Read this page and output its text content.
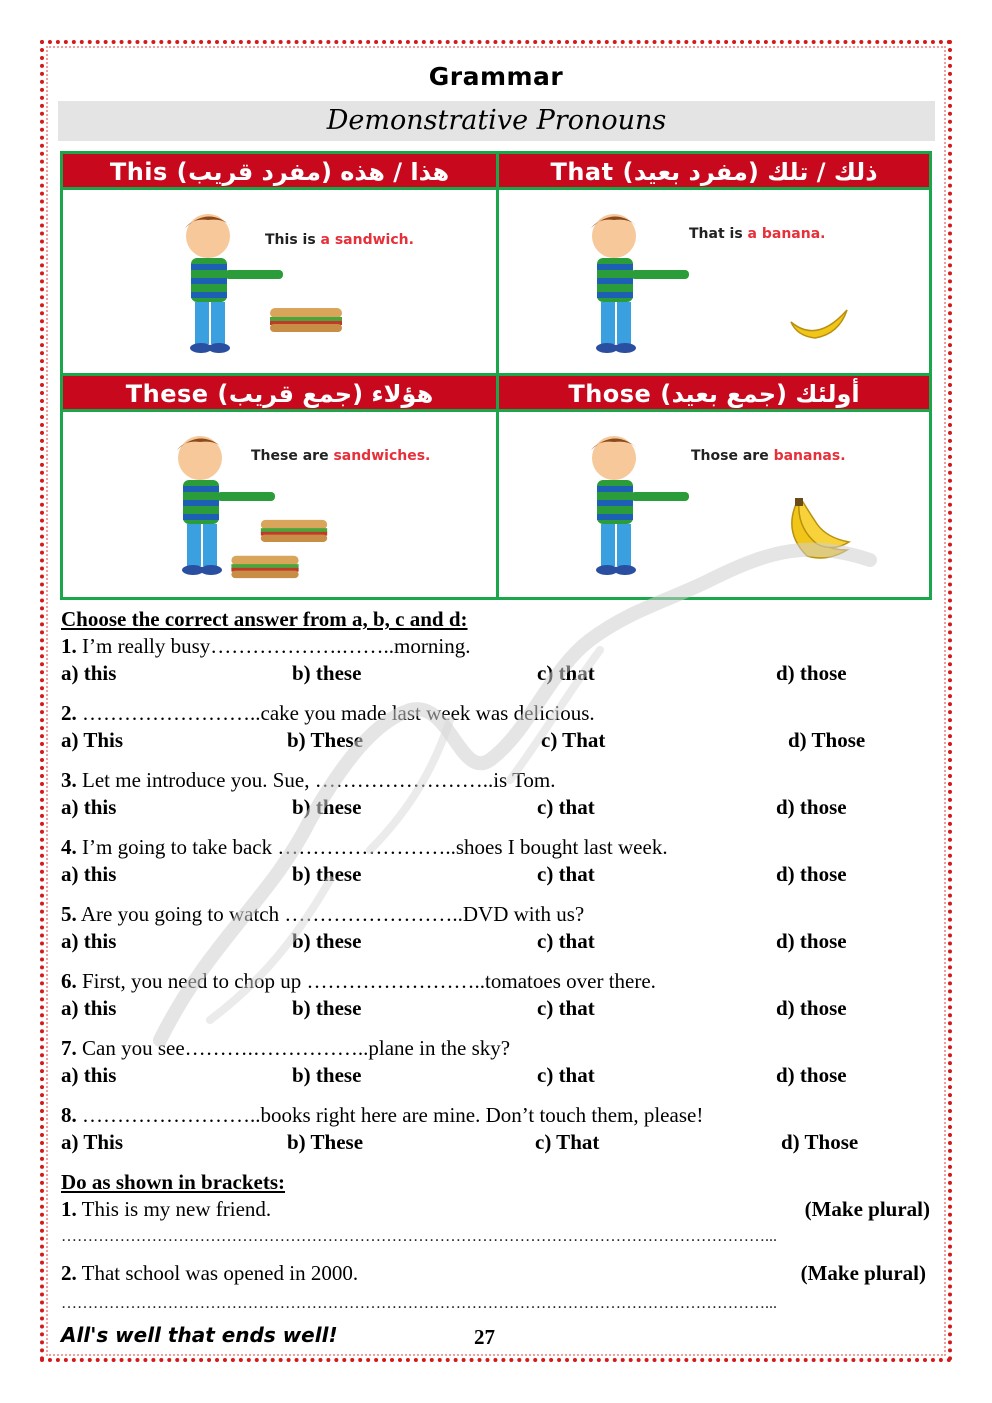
Grammar
Demonstrative Pronouns
This (هذا / هذه (مفرد قريب
This is a sandwich.
That (ذلك / تلك (مفرد بعيد
That is a banana.
These (هؤلاء (جمع قريب
These are sandwiches.
Those (أولئك (جمع بعيد
Those are bananas.
Choose the correct answer from a, b, c and d:
1. I’m really busy……………….……..morning.
a) this	b) these	c) that	d) those
2. ……………………..cake you made last week was delicious.
a) This	b) These	c) That	d) Those
3. Let me introduce you. Sue, ……………………..is Tom.
a) this	b) these	c) that	d) those
4. I’m going to take back ……………………..shoes I bought last week.
a) this	b) these	c) that	d) those
5. Are you going to watch ……………………..DVD with us?
a) this	b) these	c) that	d) those
6. First, you need to chop up ……………………..tomatoes over there.
a) this	b) these	c) that	d) those
7. Can you see……….……………..plane in the sky?
a) this	b) these	c) that	d) those
8. ……………………..books right here are mine. Don’t touch them, please!
a) This	b) These	c) That	d) Those
Do as shown in brackets:
1. This is my new friend.	(Make plural)
……………………………………………………………………………………………………………………...
2. That school was opened in 2000.	(Make plural)
……………………………………………………………………………………………………………………...
All's well that ends well!	27
